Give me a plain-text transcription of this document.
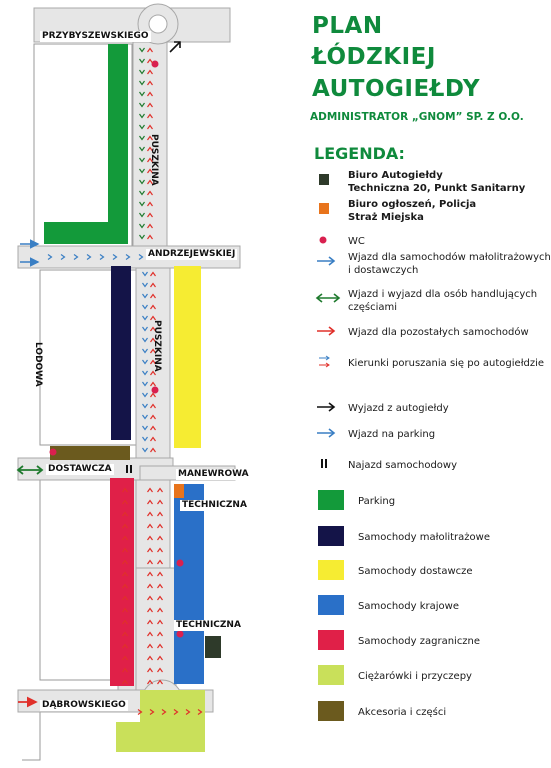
PRZYBYSZEWSKIEGO
PUSZKINA
ANDRZEJEWSKIEJ
LODOWA	PUSZKINA
DOSTAWCZA	MANEWROWA
TECHNICZNA
TECHNICZNA
DĄBROWSKIEGO
PLAN
ŁÓDZKIEJ
AUTOGIEŁDY
ADMINISTRATOR „GNOM” SP. Z O.O.
LEGENDA:
Biuro Autogiełdy
Techniczna 20, Punkt Sanitarny
Biuro ogłoszeń, Policja
Straż Miejska
WC
Wjazd dla samochodów małolitrażowych
i dostawczych
Wjazd i wyjazd dla osób handlujących
częściami
Wjazd dla pozostałych samochodów
Kierunki poruszania się po autogiełdzie
Wyjazd z autogiełdy
Wjazd na parking
Najazd samochodowy
Parking
Samochody małolitrażowe
Samochody dostawcze
Samochody krajowe
Samochody zagraniczne
Ciężarówki i przyczepy
Akcesoria i części
